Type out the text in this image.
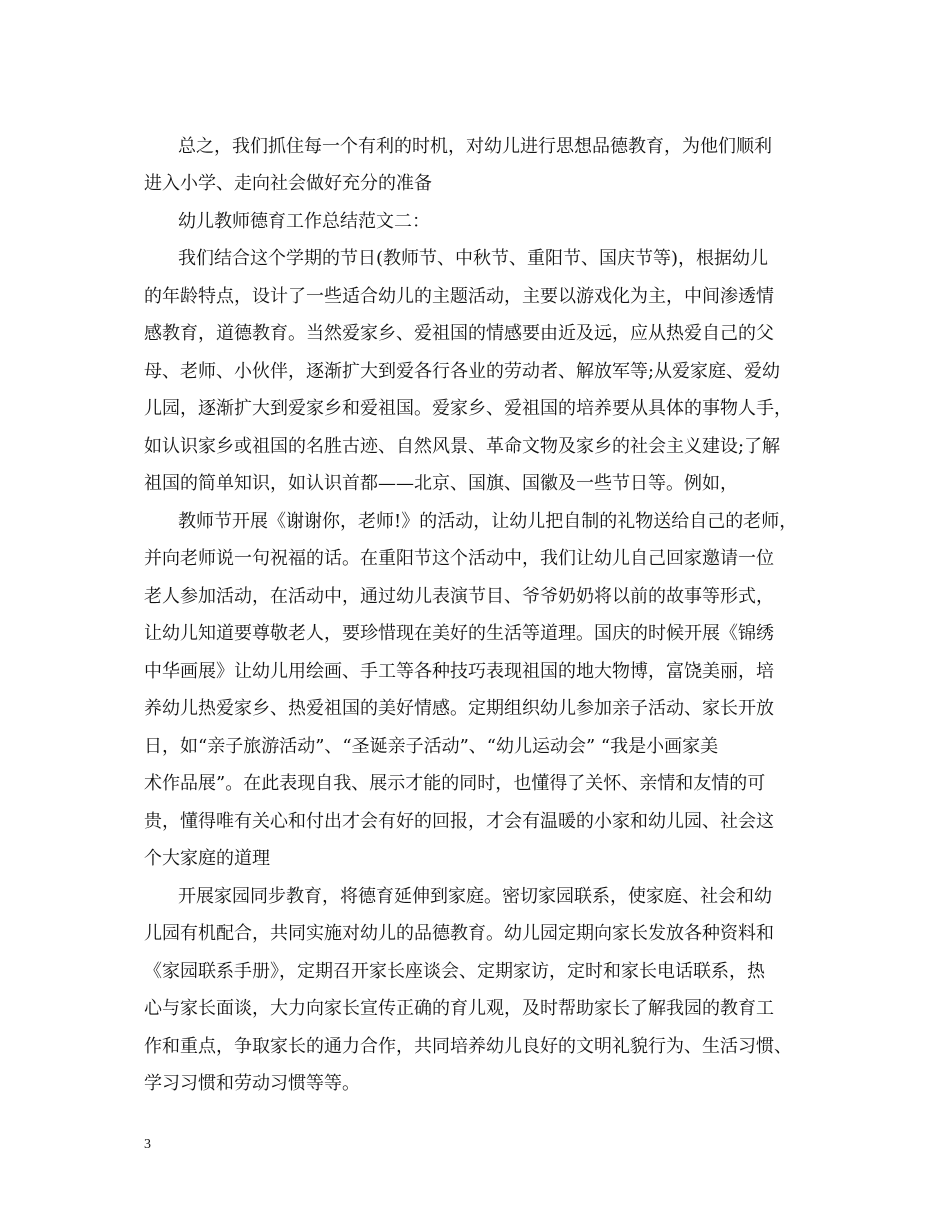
总之，我们抓住每一个有利的时机，对幼儿进行思想品德教育，为他们顺利
进入小学、走向社会做好充分的准备
幼儿教师德育工作总结范文二：
我们结合这个学期的节日(教师节、中秋节、重阳节、国庆节等)，根据幼儿
的年龄特点，设计了一些适合幼儿的主题活动，主要以游戏化为主，中间渗透情
感教育，道德教育。当然爱家乡、爱祖国的情感要由近及远，应从热爱自己的父
母、老师、小伙伴，逐渐扩大到爱各行各业的劳动者、解放军等;从爱家庭、爱幼
儿园，逐渐扩大到爱家乡和爱祖国。爱家乡、爱祖国的培养要从具体的事物人手，
如认识家乡或祖国的名胜古迹、自然风景、革命文物及家乡的社会主义建设;了解
祖国的简单知识，如认识首都——北京、国旗、国徽及一些节日等。例如，
教师节开展《谢谢你，老师!》的活动，让幼儿把自制的礼物送给自己的老师，
并向老师说一句祝福的话。在重阳节这个活动中，我们让幼儿自己回家邀请一位
老人参加活动，在活动中，通过幼儿表演节目、爷爷奶奶将以前的故事等形式，
让幼儿知道要尊敬老人，要珍惜现在美好的生活等道理。国庆的时候开展《锦绣
中华画展》让幼儿用绘画、手工等各种技巧表现祖国的地大物博，富饶美丽，培
养幼儿热爱家乡、热爱祖国的美好情感。定期组织幼儿参加亲子活动、家长开放
日，如“亲子旅游活动”、“圣诞亲子活动”、“幼儿运动会” “我是小画家美
术作品展”。在此表现自我、展示才能的同时，也懂得了关怀、亲情和友情的可
贵，懂得唯有关心和付出才会有好的回报，才会有温暖的小家和幼儿园、社会这
个大家庭的道理
开展家园同步教育，将德育延伸到家庭。密切家园联系，使家庭、社会和幼
儿园有机配合，共同实施对幼儿的品德教育。幼儿园定期向家长发放各种资料和
《家园联系手册》，定期召开家长座谈会、定期家访，定时和家长电话联系，热
心与家长面谈，大力向家长宣传正确的育儿观，及时帮助家长了解我园的教育工
作和重点，争取家长的通力合作，共同培养幼儿良好的文明礼貌行为、生活习惯、
学习习惯和劳动习惯等等。
3
